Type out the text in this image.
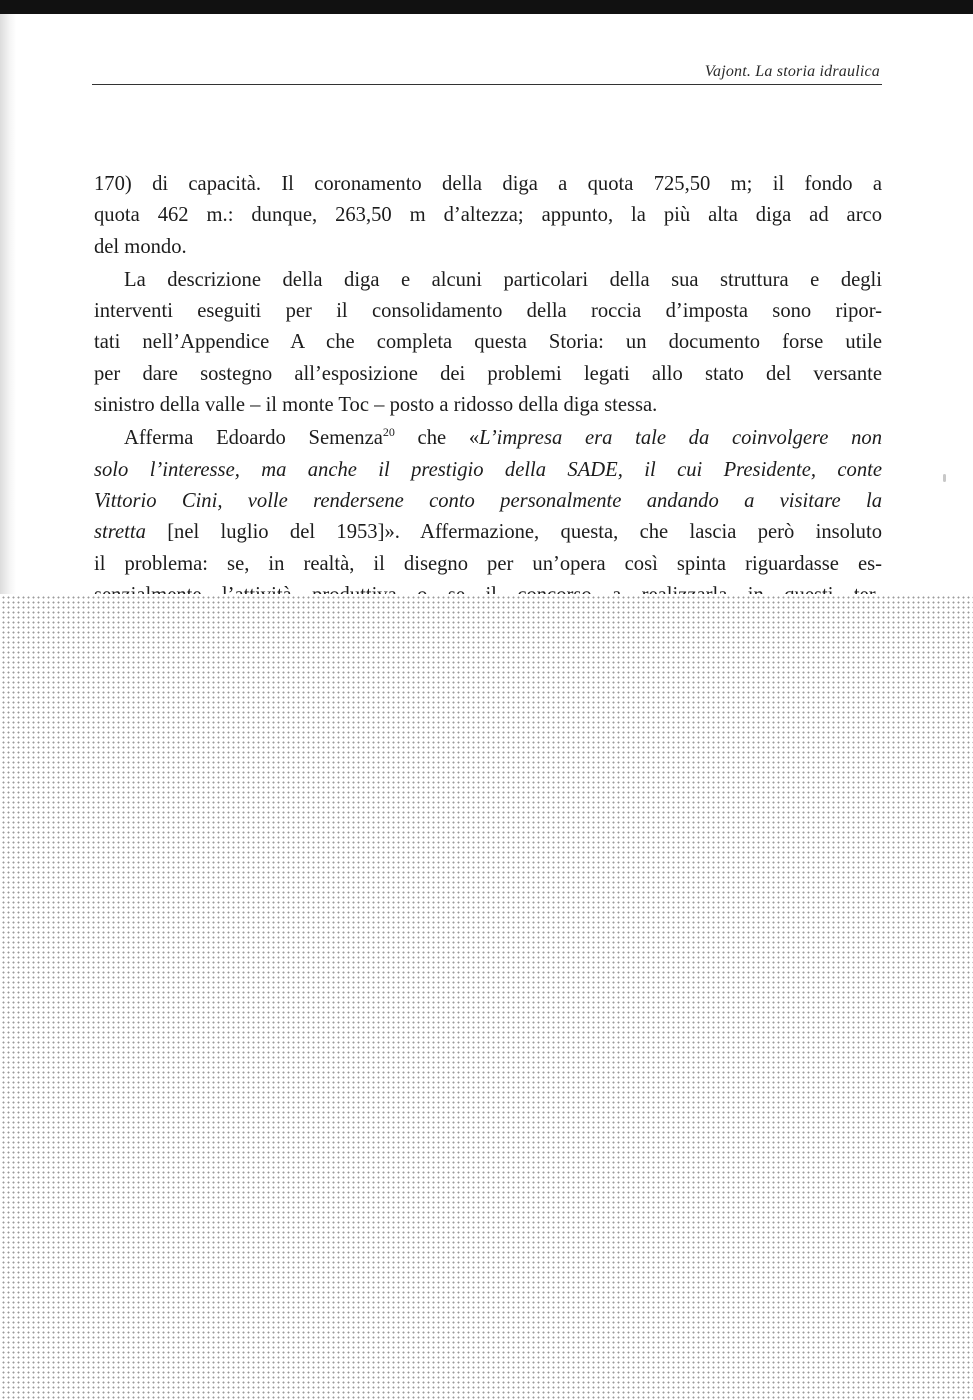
Vajont. La storia idraulica
170) di capacità. Il coronamento della diga a quota 725,50 m; il fondo a
quota 462 m.: dunque, 263,50 m d’altezza; appunto, la più alta diga ad arco
del mondo.
La descrizione della diga e alcuni particolari della sua struttura e degli
interventi eseguiti per il consolidamento della roccia d’imposta sono ripor-
tati nell’Appendice A che completa questa Storia: un documento forse utile
per dare sostegno all’esposizione dei problemi legati allo stato del versante
sinistro della valle – il monte Toc – posto a ridosso della diga stessa.
Afferma Edoardo Semenza$^{20}$ che «L’impresa era tale da coinvolgere non
solo l’interesse, ma anche il prestigio della SADE, il cui Presidente, conte
Vittorio Cini, volle rendersene conto personalmente andando a visitare la
stretta [nel luglio del 1953]». Affermazione, questa, che lascia però insoluto
il problema: se, in realtà, il disegno per un’opera così spinta riguardasse es-
